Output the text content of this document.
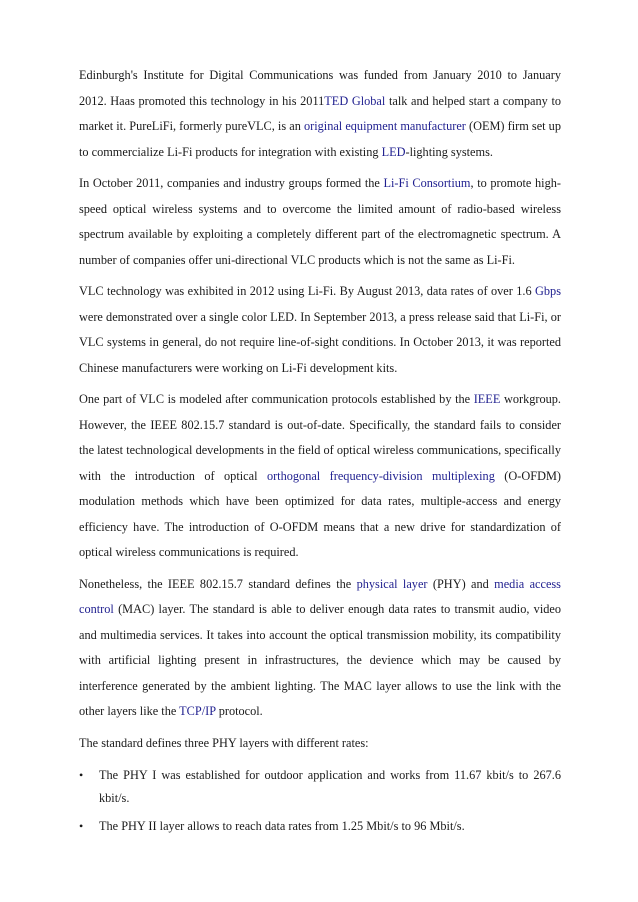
Edinburgh's Institute for Digital Communications was funded from January 2010 to January 2012. Haas promoted this technology in his 2011TED Global talk and helped start a company to market it. PureLiFi, formerly pureVLC, is an original equipment manufacturer (OEM) firm set up to commercialize Li-Fi products for integration with existing LED-lighting systems.

In October 2011, companies and industry groups formed the Li-Fi Consortium, to promote high-speed optical wireless systems and to overcome the limited amount of radio-based wireless spectrum available by exploiting a completely different part of the electromagnetic spectrum. A number of companies offer uni-directional VLC products which is not the same as Li-Fi.

VLC technology was exhibited in 2012 using Li-Fi. By August 2013, data rates of over 1.6 Gbps were demonstrated over a single color LED. In September 2013, a press release said that Li-Fi, or VLC systems in general, do not require line-of-sight conditions. In October 2013, it was reported Chinese manufacturers were working on Li-Fi development kits.

One part of VLC is modeled after communication protocols established by the IEEE workgroup. However, the IEEE 802.15.7 standard is out-of-date. Specifically, the standard fails to consider the latest technological developments in the field of optical wireless communications, specifically with the introduction of optical orthogonal frequency-division multiplexing (O-OFDM) modulation methods which have been optimized for data rates, multiple-access and energy efficiency have. The introduction of O-OFDM means that a new drive for standardization of optical wireless communications is required.

Nonetheless, the IEEE 802.15.7 standard defines the physical layer (PHY) and media access control (MAC) layer. The standard is able to deliver enough data rates to transmit audio, video and multimedia services. It takes into account the optical transmission mobility, its compatibility with artificial lighting present in infrastructures, the devience which may be caused by interference generated by the ambient lighting. The MAC layer allows to use the link with the other layers like the TCP/IP protocol.

The standard defines three PHY layers with different rates:

• The PHY I was established for outdoor application and works from 11.67 kbit/s to 267.6 kbit/s.
• The PHY II layer allows to reach data rates from 1.25 Mbit/s to 96 Mbit/s.
